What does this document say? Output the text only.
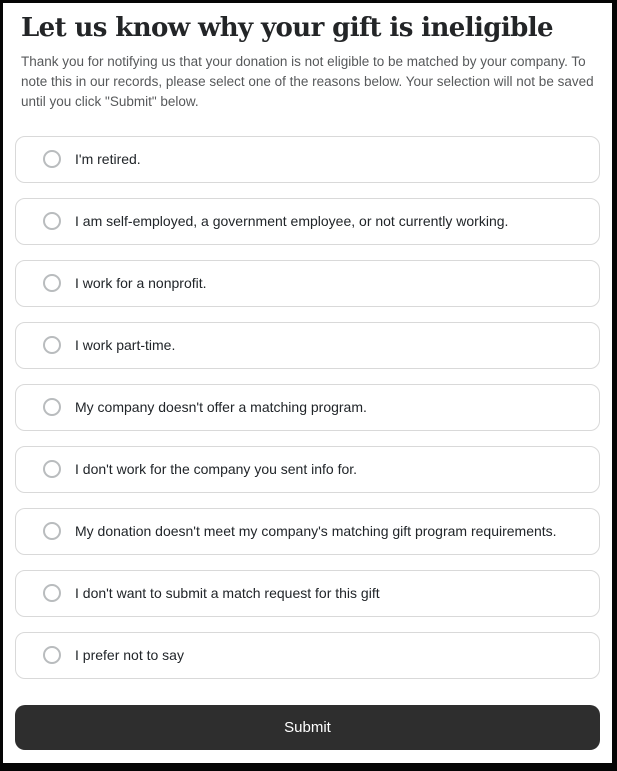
Let us know why your gift is ineligible

Thank you for notifying us that your donation is not eligible to be matched by your company. To note this in our records, please select one of the reasons below. Your selection will not be saved until you click "Submit" below.

I'm retired.
I am self-employed, a government employee, or not currently working.
I work for a nonprofit.
I work part-time.
My company doesn't offer a matching program.
I don't work for the company you sent info for.
My donation doesn't meet my company's matching gift program requirements.
I don't want to submit a match request for this gift
I prefer not to say
Submit
